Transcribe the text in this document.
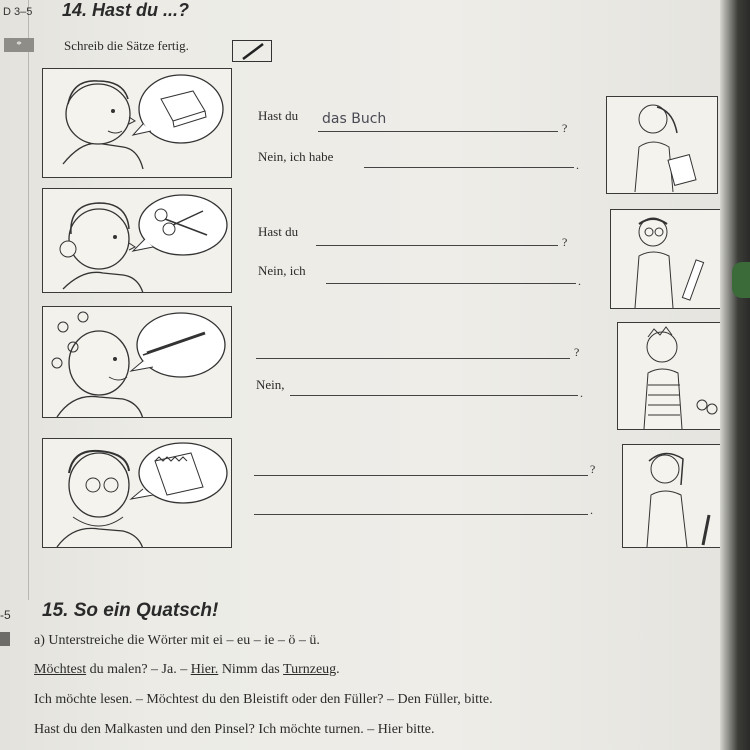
D 3–5 14. Hast du ...?
*	Schreib die Sätze fertig.
Hast du das Buch
?
Nein, ich habe
.
Hast du
?
Nein, ich
.
?
Nein,
.
?
.
-5 15. So ein Quatsch!
a) Unterstreiche die Wörter mit ei – eu – ie – ö – ü.
Möchtest du malen? – Ja. – Hier. Nimm das Turnzeug.
Ich möchte lesen. – Möchtest du den Bleistift oder den Füller? – Den Füller, bitte.
Hast du den Malkasten und den Pinsel? Ich möchte turnen. – Hier bitte.
